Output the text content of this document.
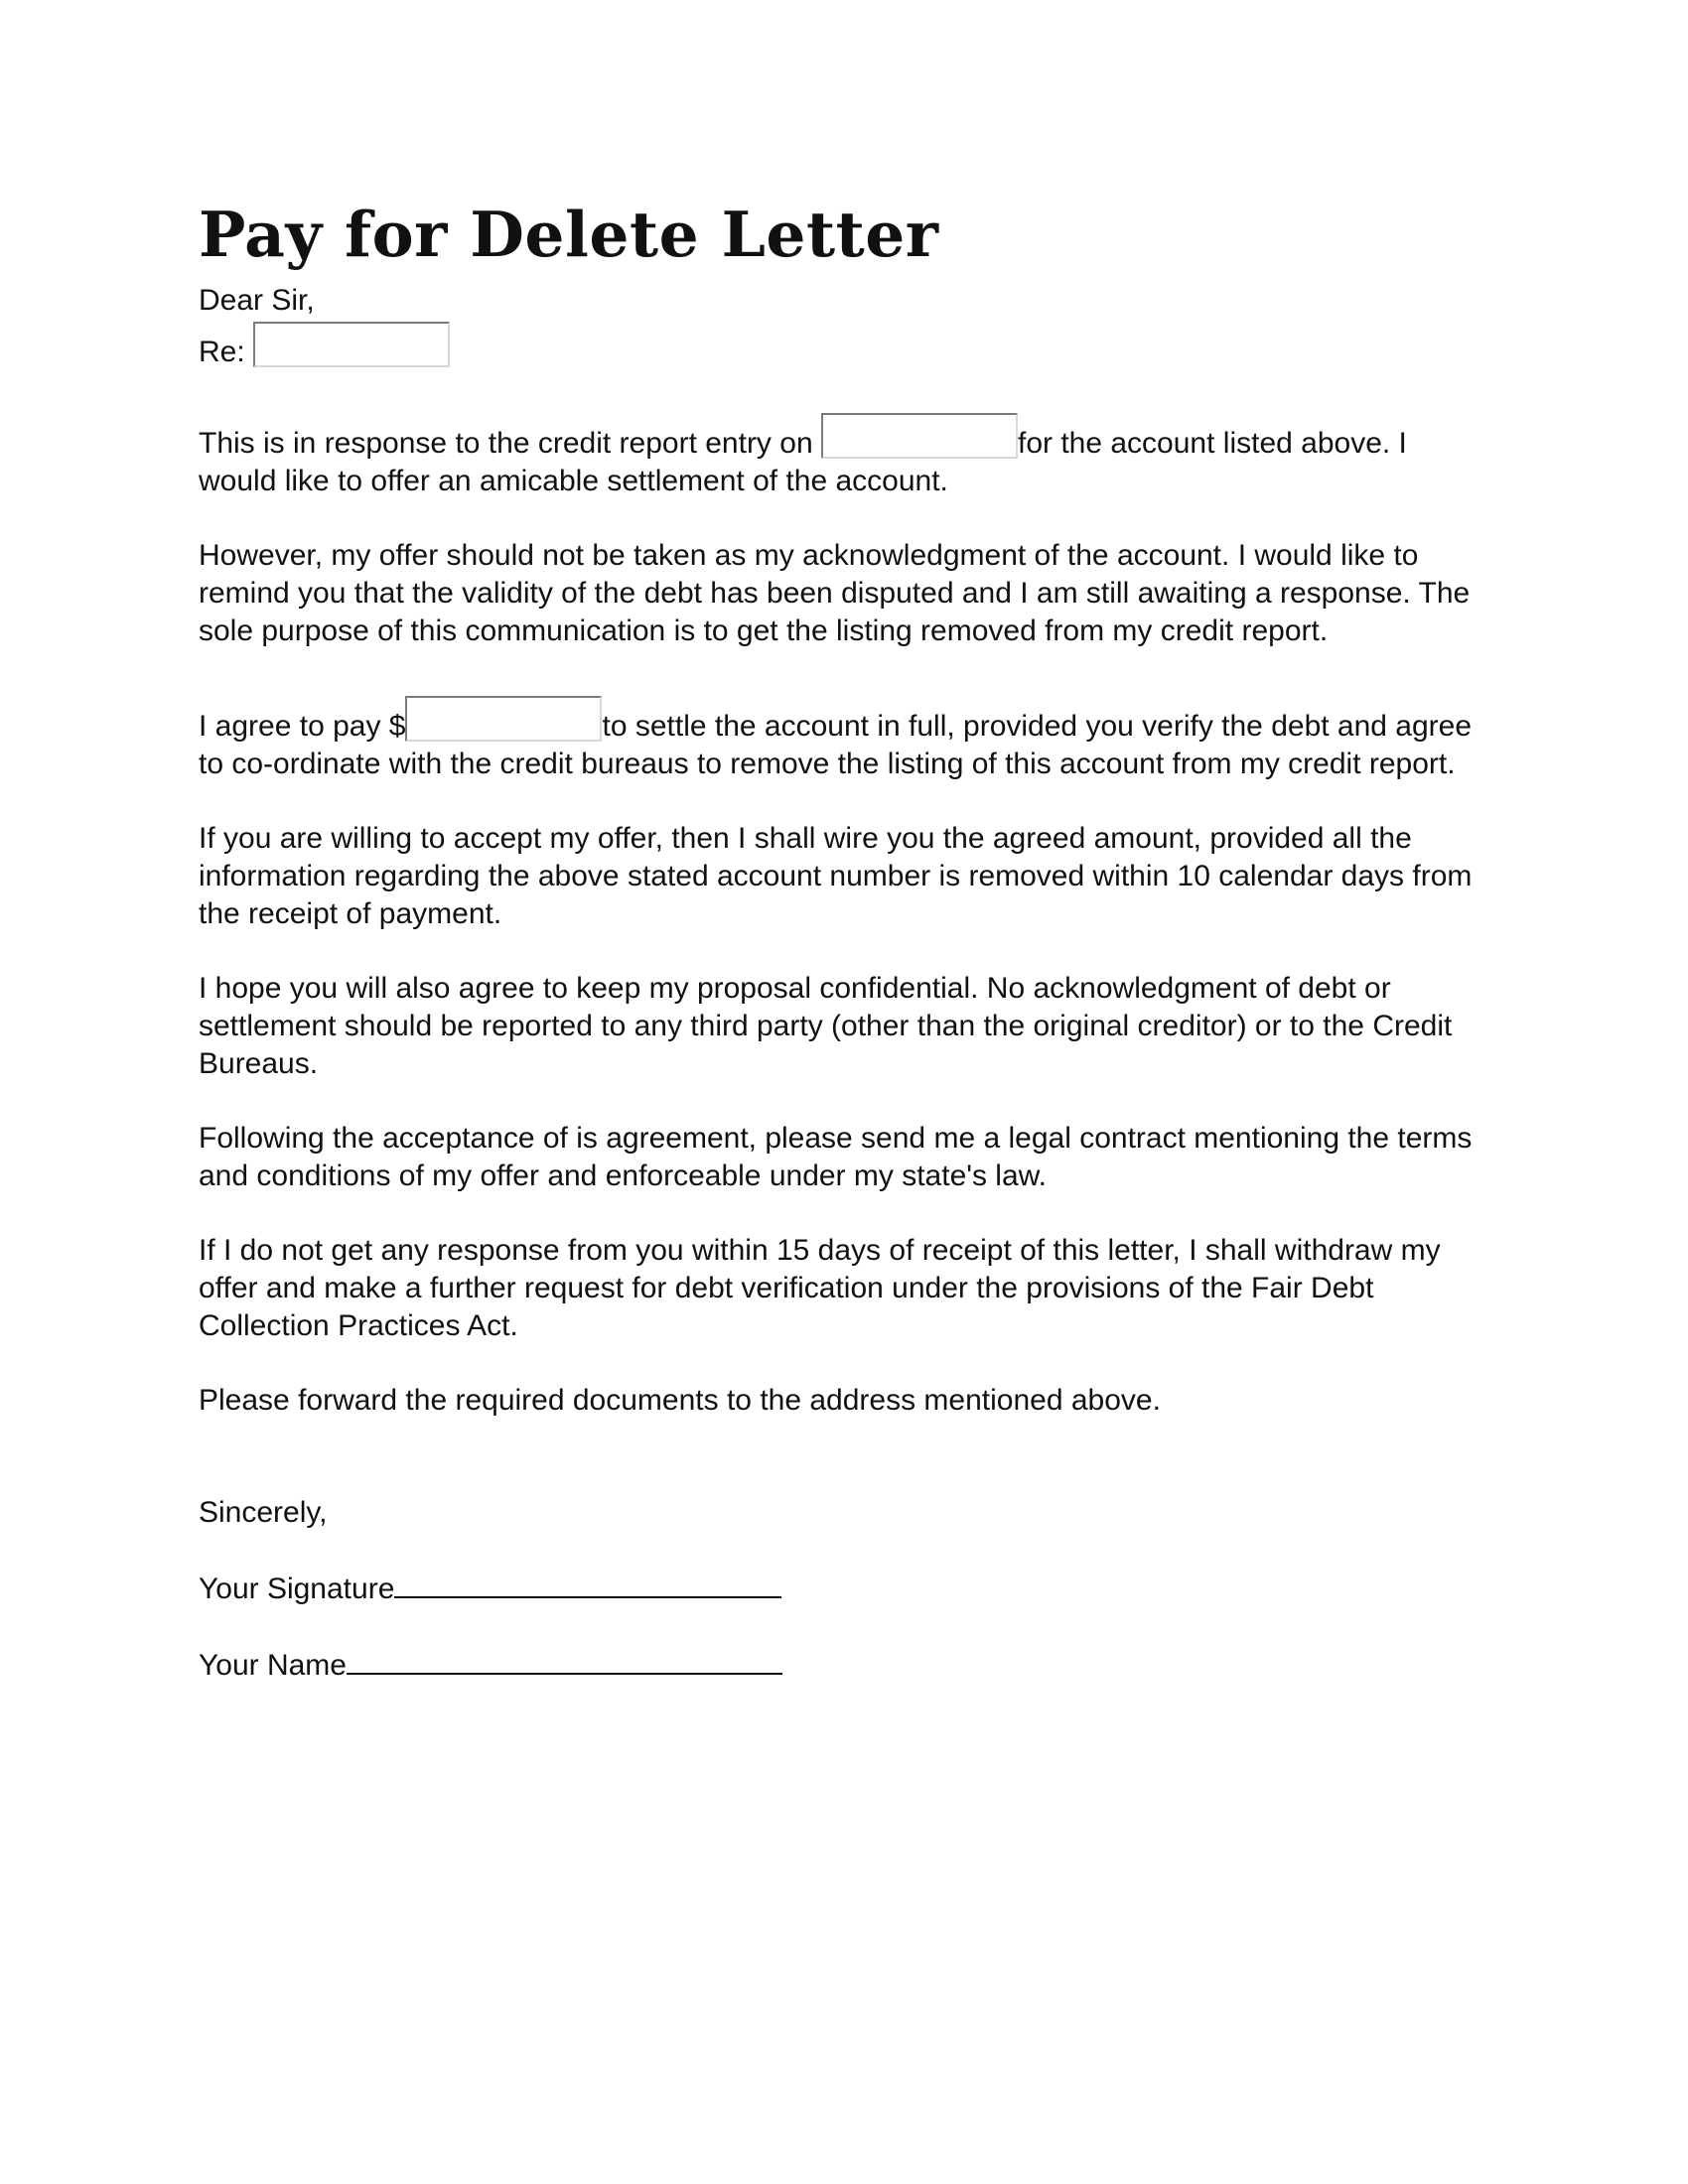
Pay for Delete Letter

Dear Sir,

Re:

This is in response to the credit report entry on	for the account listed above. I would like to offer an amicable settlement of the account.

However, my offer should not be taken as my acknowledgment of the account. I would like to remind you that the validity of the debt has been disputed and I am still awaiting a response. The sole purpose of this communication is to get the listing removed from my credit report.

I agree to pay $	to settle the account in full, provided you verify the debt and agree to co-ordinate with the credit bureaus to remove the listing of this account from my credit report.

If you are willing to accept my offer, then I shall wire you the agreed amount, provided all the information regarding the above stated account number is removed within 10 calendar days from the receipt of payment.

I hope you will also agree to keep my proposal confidential. No acknowledgment of debt or settlement should be reported to any third party (other than the original creditor) or to the Credit Bureaus.

Following the acceptance of is agreement, please send me a legal contract mentioning the terms and conditions of my offer and enforceable under my state's law.

If I do not get any response from you within 15 days of receipt of this letter, I shall withdraw my offer and make a further request for debt verification under the provisions of the Fair Debt Collection Practices Act.

Please forward the required documents to the address mentioned above.

Sincerely,

Your Signature

Your Name
